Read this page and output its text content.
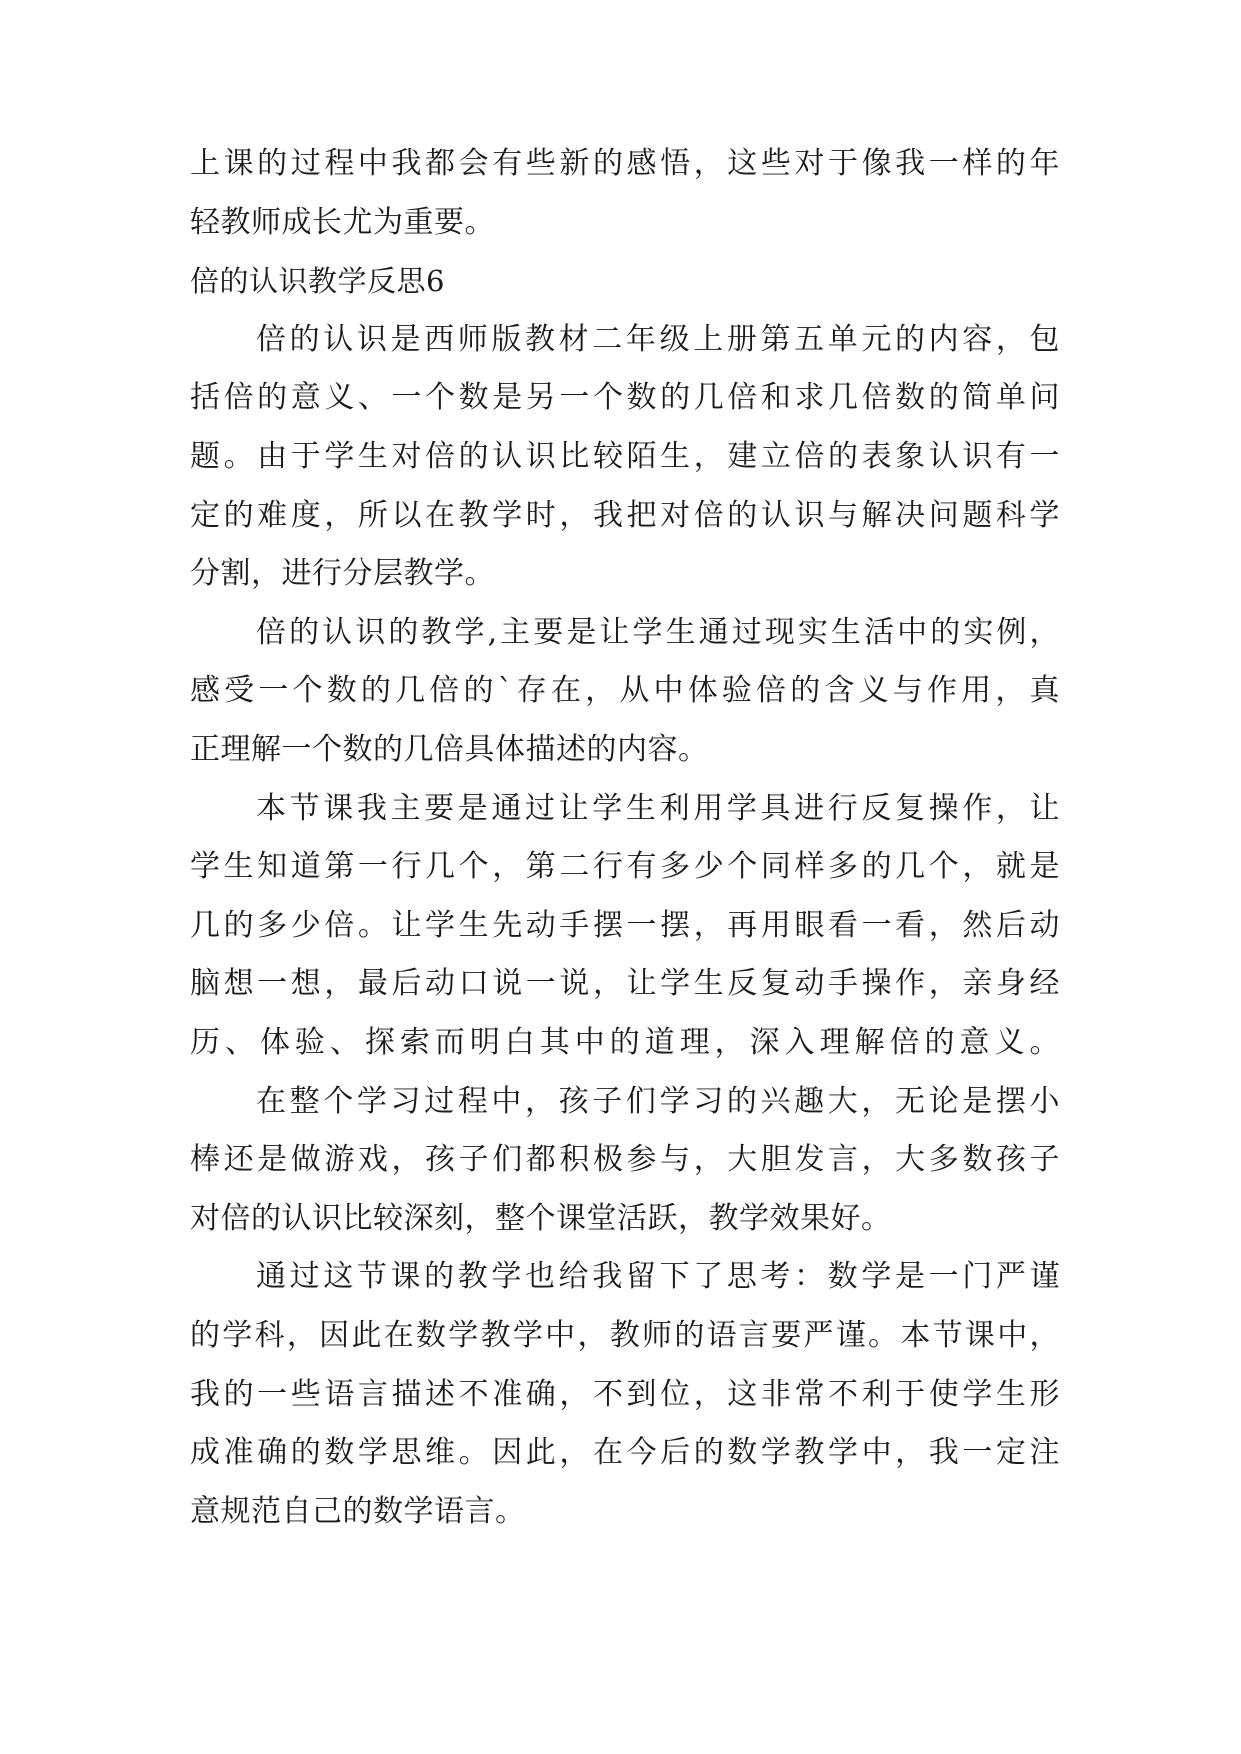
上课的过程中我都会有些新的感悟，这些对于像我一样的年
轻教师成长尤为重要。
倍的认识教学反思6
倍的认识是西师版教材二年级上册第五单元的内容，包
括倍的意义、一个数是另一个数的几倍和求几倍数的简单问
题。由于学生对倍的认识比较陌生，建立倍的表象认识有一
定的难度，所以在教学时，我把对倍的认识与解决问题科学
分割，进行分层教学。
倍的认识的教学,主要是让学生通过现实生活中的实例，
感受一个数的几倍的`存在，从中体验倍的含义与作用，真
正理解一个数的几倍具体描述的内容。
本节课我主要是通过让学生利用学具进行反复操作，让
学生知道第一行几个，第二行有多少个同样多的几个，就是
几的多少倍。让学生先动手摆一摆，再用眼看一看，然后动
脑想一想，最后动口说一说，让学生反复动手操作，亲身经
历、体验、探索而明白其中的道理，深入理解倍的意义。
在整个学习过程中，孩子们学习的兴趣大，无论是摆小
棒还是做游戏，孩子们都积极参与，大胆发言，大多数孩子
对倍的认识比较深刻，整个课堂活跃，教学效果好。
通过这节课的教学也给我留下了思考：数学是一门严谨
的学科，因此在数学教学中，教师的语言要严谨。本节课中，
我的一些语言描述不准确，不到位，这非常不利于使学生形
成准确的数学思维。因此，在今后的数学教学中，我一定注
意规范自己的数学语言。
